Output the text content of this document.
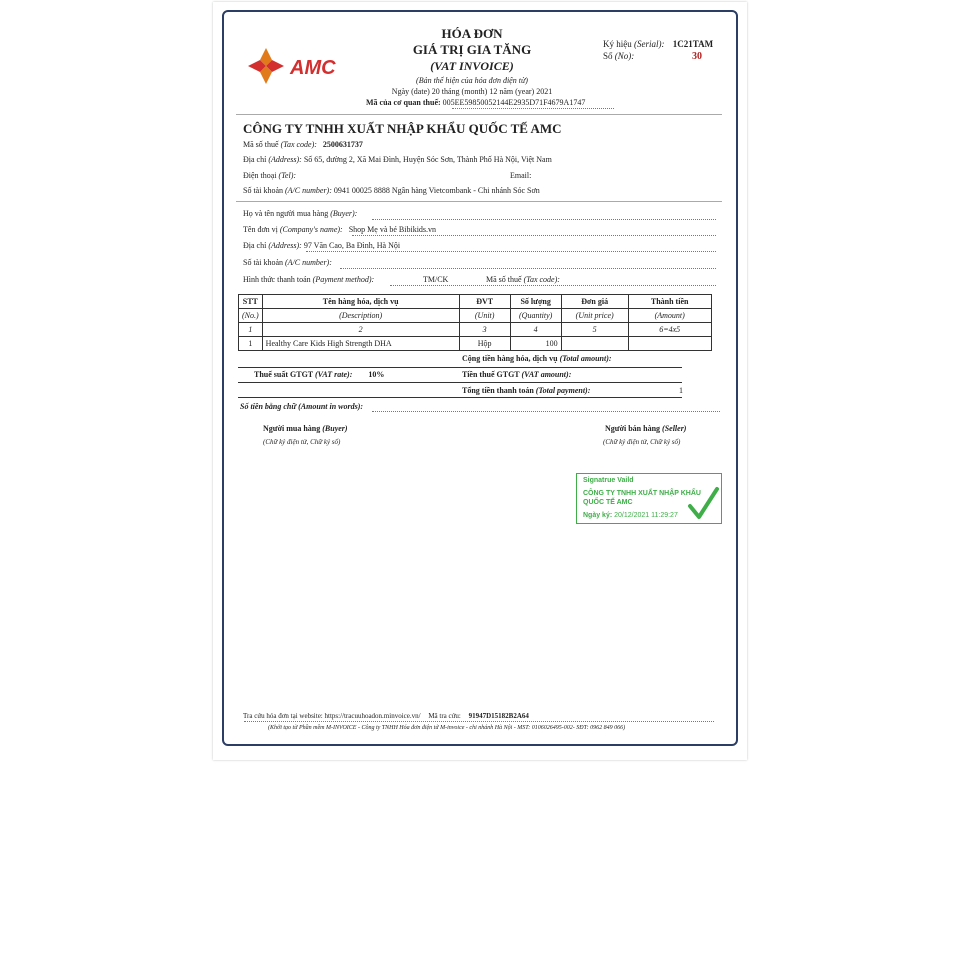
AMC
HÓA ĐƠN
GIÁ TRỊ GIA TĂNG
(VAT INVOICE)
(Bản thể hiện của hóa đơn điện tử)
Ngày (date) 20 tháng (month) 12 năm (year) 2021
Mã của cơ quan thuế: 005EE59850052144E2935D71F4679A1747
Ký hiệu (Serial): 1C21TAM
Số (No):	30
CÔNG TY TNHH XUẤT NHẬP KHẨU QUỐC TẾ AMC
Mã số thuế (Tax code): 2500631737
Địa chỉ (Address): Số 65, đường 2, Xã Mai Đình, Huyện Sóc Sơn, Thành Phố Hà Nội, Việt Nam
Điện thoại (Tel):	Email:
Số tài khoản (A/C number): 0941 00025 8888 Ngân hàng Vietcombank - Chi nhánh Sóc Sơn
Họ và tên người mua hàng (Buyer):
Tên đơn vị (Company's name): Shop Mẹ và bé Bibikids.vn
Địa chỉ (Address): 97 Văn Cao, Ba Đình, Hà Nội
Số tài khoản (A/C number):
Hình thức thanh toán (Payment method):	TM/CK	Mã số thuế (Tax code):
STT	Tên hàng hóa, dịch vụ	ĐVT	Số lượng	Đơn giá	Thành tiền
(No.)	(Description)	(Unit)	(Quantity)	(Unit price)	(Amount)
1	2	3	4	5	6=4x5
1	Healthy Care Kids High Strength DHA	Hộp	100		
Cộng tiền hàng hóa, dịch vụ (Total amount):
Thuế suất GTGT (VAT rate): 10%	Tiền thuế GTGT (VAT amount):
Tổng tiền thanh toán (Total payment):	1
Số tiền bằng chữ (Amount in words):
Người mua hàng (Buyer)
(Chữ ký điện tử, Chữ ký số)
Người bán hàng (Seller)
(Chữ ký điện tử, Chữ ký số)
Signatrue Vaild
CÔNG TY TNHH XUẤT NHẬP KHẨU
QUỐC TẾ AMC
Ngày ký: 20/12/2021 11:29:27
Tra cứu hóa đơn tại website: https://tracuuhoadon.minvoice.vn/ Mã tra cứu: 91947D15182B2A64
(Khởi tạo từ Phần mềm M-INVOICE - Công ty TNHH Hóa đơn điện tử M-invoice - chi nhánh Hà Nội - MST: 0106026495-002- SĐT: 0962 849 066)
